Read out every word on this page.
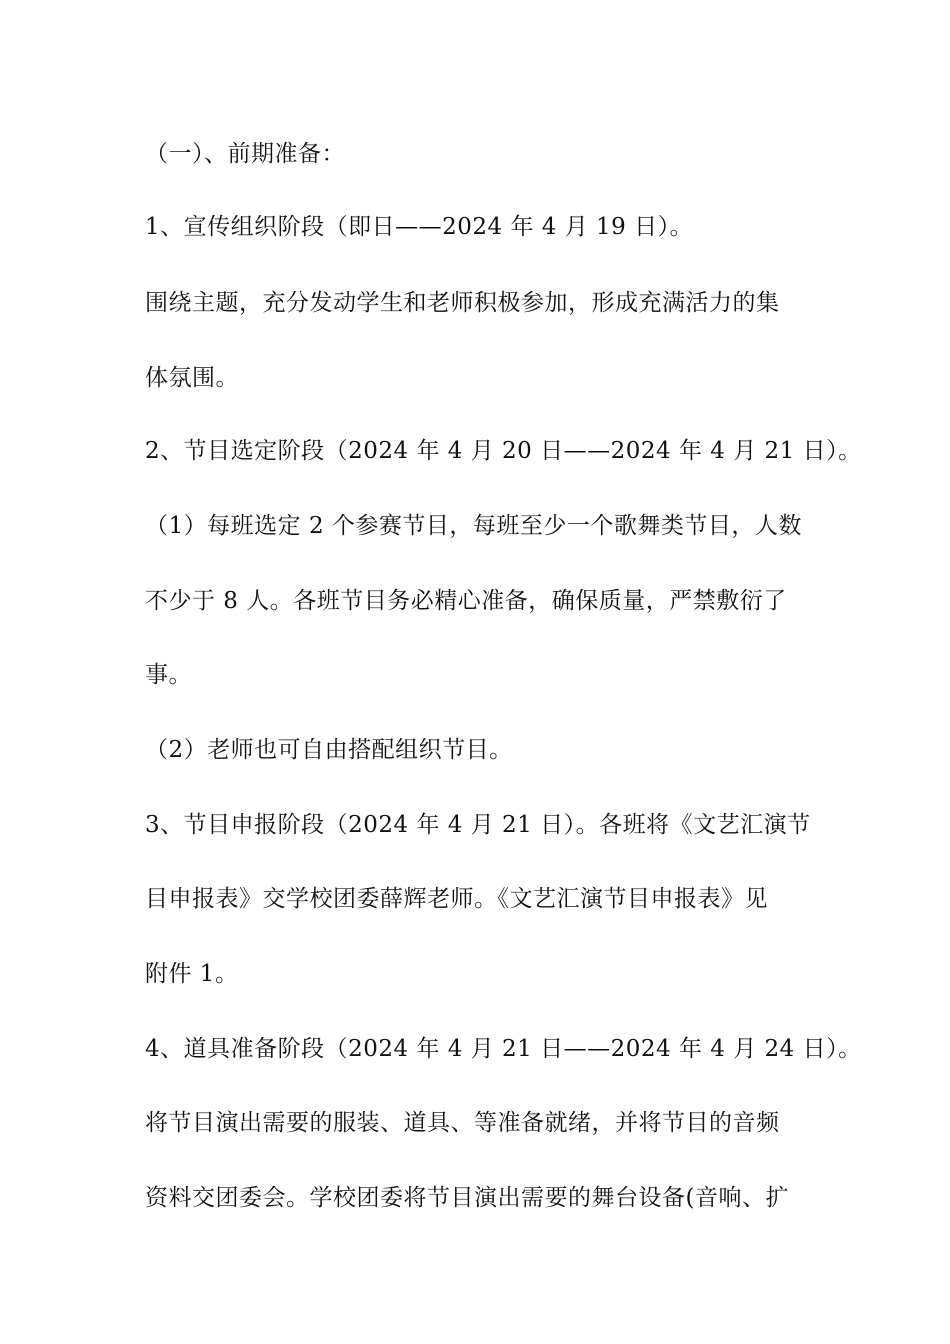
（一）、前期准备：
1、宣传组织阶段（即日——2024 年 4 月 19 日）。
围绕主题，充分发动学生和老师积极参加，形成充满活力的集
体氛围。
2、节目选定阶段（2024 年 4 月 20 日——2024 年 4 月 21 日）。
（1）每班选定 2 个参赛节目，每班至少一个歌舞类节目，人数
不少于 8 人。各班节目务必精心准备，确保质量，严禁敷衍了
事。
（2）老师也可自由搭配组织节目。
3、节目申报阶段（2024 年 4 月 21 日）。各班将《文艺汇演节
目申报表》交学校团委薛辉老师。《文艺汇演节目申报表》见
附件 1。
4、道具准备阶段（2024 年 4 月 21 日——2024 年 4 月 24 日）。
将节目演出需要的服装、道具、等准备就绪，并将节目的音频
资料交团委会。学校团委将节目演出需要的舞台设备(音响、扩
